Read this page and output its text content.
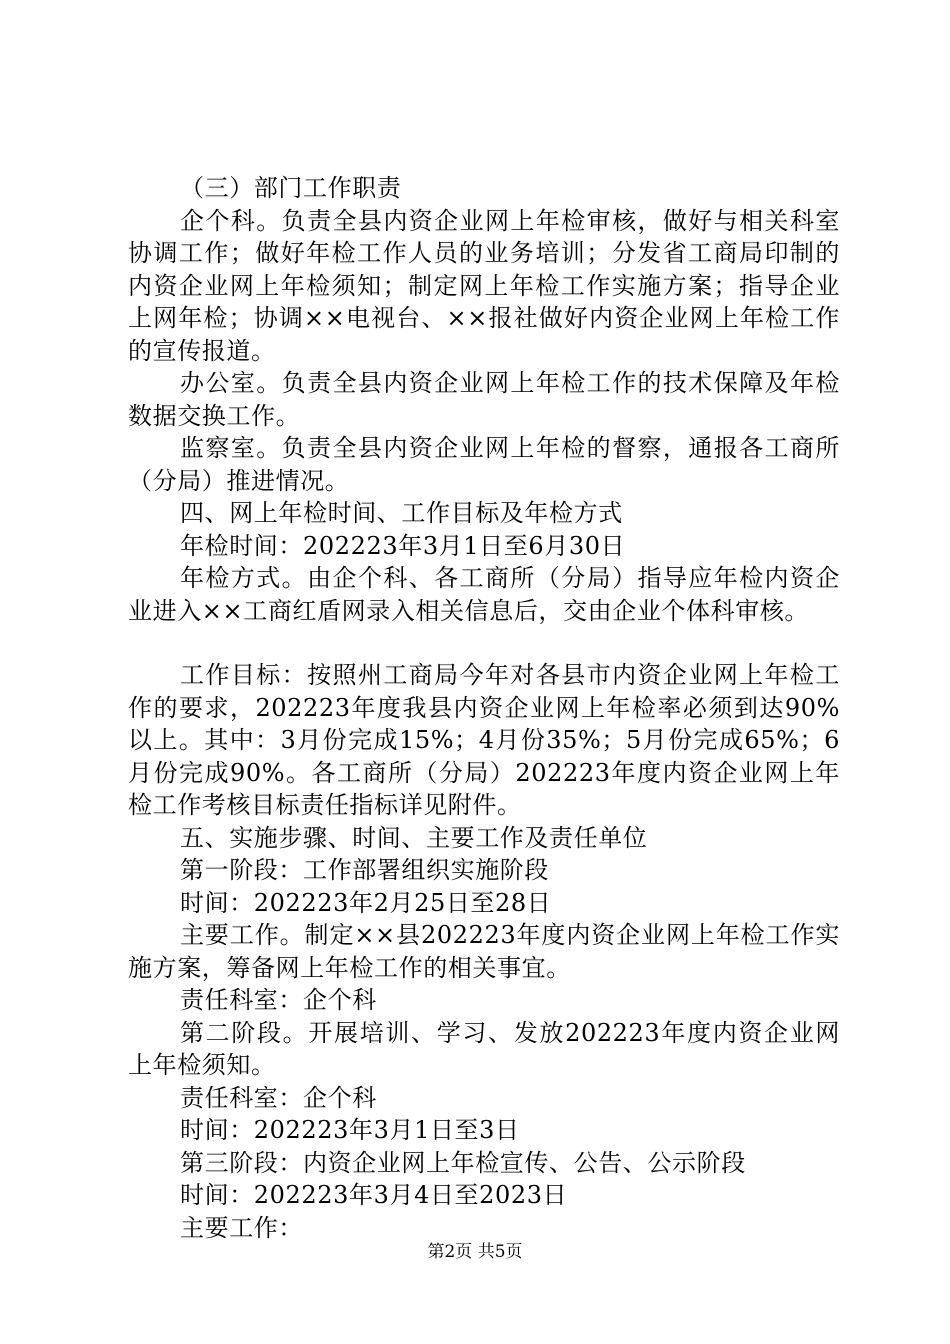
（三）部门工作职责

企个科。负责全县内资企业网上年检审核，做好与相关科室协调工作；做好年检工作人员的业务培训；分发省工商局印制的内资企业网上年检须知；制定网上年检工作实施方案；指导企业上网年检；协调××电视台、××报社做好内资企业网上年检工作的宣传报道。

办公室。负责全县内资企业网上年检工作的技术保障及年检数据交换工作。

监察室。负责全县内资企业网上年检的督察，通报各工商所（分局）推进情况。

四、网上年检时间、工作目标及年检方式

年检时间：202223年3月1日至6月30日

年检方式。由企个科、各工商所（分局）指导应年检内资企业进入××工商红盾网录入相关信息后，交由企业个体科审核。

工作目标：按照州工商局今年对各县市内资企业网上年检工作的要求，202223年度我县内资企业网上年检率必须到达90%以上。其中：3月份完成15%；4月份35%；5月份完成65%；6月份完成90%。各工商所（分局）202223年度内资企业网上年检工作考核目标责任指标详见附件。

五、实施步骤、时间、主要工作及责任单位

第一阶段：工作部署组织实施阶段

时间：202223年2月25日至28日

主要工作。制定××县202223年度内资企业网上年检工作实施方案，筹备网上年检工作的相关事宜。

责任科室：企个科

第二阶段。开展培训、学习、发放202223年度内资企业网上年检须知。

责任科室：企个科

时间：202223年3月1日至3日

第三阶段：内资企业网上年检宣传、公告、公示阶段

时间：202223年3月4日至2023日

主要工作：

第2页 共5页
